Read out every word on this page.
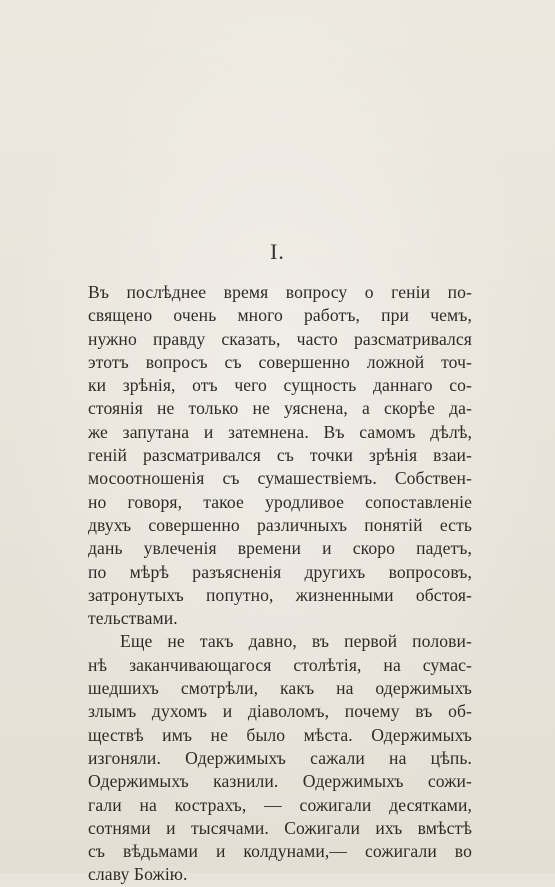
I.
Въ послѣднее время вопросу о геніи по-
священо очень много работъ, при чемъ,
нужно правду сказать, часто разсматривался
этотъ вопросъ съ совершенно ложной точ-
ки зрѣнія, отъ чего сущность даннаго со-
стоянія не только не уяснена, а скорѣе да-
же запутана и затемнена. Въ самомъ дѣлѣ,
геній разсматривался съ точки зрѣнія взаи-
мосоотношенія съ сумашествіемъ. Собствен-
но говоря, такое уродливое сопоставленіе
двухъ совершенно различныхъ понятій есть
дань увлеченія времени и скоро падетъ,
по мѣрѣ разъясненія другихъ вопросовъ,
затронутыхъ попутно, жизненными обстоя-
тельствами.
Еще не такъ давно, въ первой полови-
нѣ заканчивающагося столѣтія, на сумас-
шедшихъ смотрѣли, какъ на одержимыхъ
злымъ духомъ и діаволомъ, почему въ об-
ществѣ имъ не было мѣста. Одержимыхъ
изгоняли. Одержимыхъ сажали на цѣпь.
Одержимыхъ казнили. Одержимыхъ сожи-
гали на кострахъ, — сожигали десятками,
сотнями и тысячами. Сожигали ихъ вмѣстѣ
съ вѣдьмами и колдунами,— сожигали во
славу Божію.
